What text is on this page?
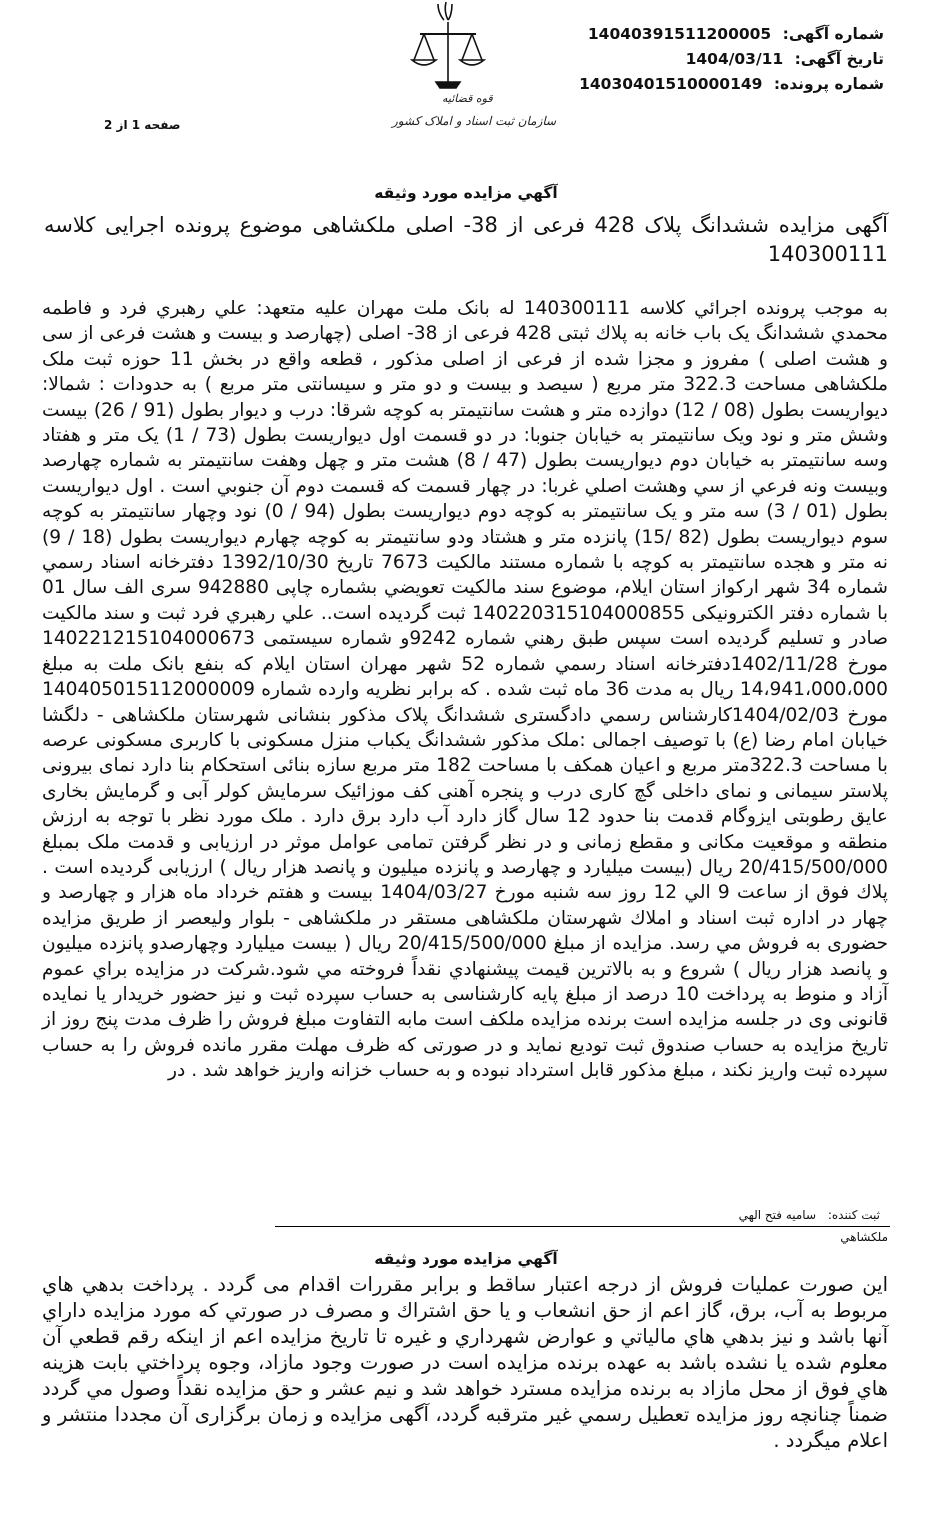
شماره آگهی: 14040391511200005
تاریخ آگهی: 1404/03/11
شماره پرونده: 14030401510000149
صفحه 1 از 2
قوه قضائیه
سازمان ثبت اسناد و املاک کشور
آگهي مزايده مورد وثيقه
آگهی مزایده ششدانگ پلاک 428 فرعی از 38- اصلی ملکشاهی موضوع پرونده اجرایی کلاسه 140300111
به موجب پرونده اجرائي كلاسه 140300111 له بانک ملت مهران علیه متعهد: علي رهبري فرد و فاطمه محمدي ششدانگ یک باب خانه به پلاك ثبتی 428 فرعی از 38- اصلی (چهارصد و بیست و هشت فرعی از سی و هشت اصلی ) مفروز و مجزا شده از فرعی از اصلی مذکور ، قطعه واقع در بخش 11 حوزه ثبت ملک ملکشاهی مساحت 322.3 متر مربع ( سیصد و بیست و دو متر و سیسانتی متر مربع ) به حدودات : شمالا: دیواریست بطول (08 / 12) دوازده متر و هشت سانتیمتر به کوچه شرقا: درب و دیوار بطول (91 / 26) بیست وشش متر و نود ویک سانتیمتر به خیابان جنوبا: در دو قسمت اول دیواریست بطول (73 / 1) یک متر و هفتاد وسه سانتیمتر به خیابان دوم دیواریست بطول (47 / 8) هشت متر و چهل وهفت سانتیمتر به شماره چهارصد وبیست ونه فرعي از سي وهشت اصلي غربا: در چهار قسمت که قسمت دوم آن جنوبي است . اول دیواریست بطول (01 / 3) سه متر و یک سانتیمتر به کوچه دوم دیواریست بطول (94 / 0) نود وچهار سانتیمتر به کوچه سوم دیواریست بطول (82 /15) پانزده متر و هشتاد ودو سانتیمتر به کوچه چهارم دیواریست بطول (18 / 9) نه متر و هجده سانتیمتر به کوچه با شماره مستند مالکیت 7673 تاریخ 1392/10/30 دفترخانه اسناد رسمي شماره 34 شهر ارکواز استان ایلام، موضوع سند مالکیت تعویضي بشماره چاپی 942880 سری الف سال 01 با شماره دفتر الکترونیکی 140220315104000855 ثبت گردیده است.. علي رهبري فرد ثبت و سند مالکیت صادر و تسلیم گردیده است سپس طبق رهني شماره 9242و شماره سیستمی 140221215104000673 مورخ 1402/11/28دفترخانه اسناد رسمي شماره 52 شهر مهران استان ایلام که بنفع بانک ملت به مبلغ 14،941،000،000 ريال به مدت 36 ماه ثبت شده . که برابر نظریه وارده شماره 140405015112000009 مورخ 1404/02/03کارشناس رسمي دادگستری ششدانگ پلاک مذکور بنشانی شهرستان ملکشاهی - دلگشا خیابان امام رضا (ع) با توصیف اجمالی :ملک مذکور ششدانگ یکباب منزل مسکونی با کاربری مسکونی عرصه با مساحت 322.3متر مربع و اعیان همکف با مساحت 182 متر مربع سازه بنائی استحکام بنا دارد نمای بیرونی پلاستر سیمانی و نمای داخلی گچ کاری درب و پنجره آهنی کف موزائیک سرمایش کولر آبی و گرمایش بخاری عایق رطوبتی ایزوگام قدمت بنا حدود 12 سال گاز دارد آب دارد برق دارد . ملک مورد نظر با توجه به ارزش منطقه و موقعیت مکانی و مقطع زمانی و در نظر گرفتن تمامی عوامل موثر در ارزیابی و قدمت ملک بمبلغ 20/415/500/000 ریال (بیست میلیارد و چهارصد و پانزده میلیون و پانصد هزار ریال ) ارزیابی گردیده است . پلاك فوق از ساعت 9 الي 12 روز سه شنبه مورخ 1404/03/27 بیست و هفتم خرداد ماه هزار و چهارصد و چهار در اداره ثبت اسناد و املاك شهرستان ملکشاهی مستقر در ملکشاهی - بلوار ولیعصر از طريق مزايده حضوری به فروش مي رسد. مزايده از مبلغ 20/415/500/000 ريال ( بیست میلیارد وچهارصدو پانزده میلیون و پانصد هزار ریال ) شروع و به بالاترين قيمت پيشنهادي نقداً فروخته مي شود.شركت در مزايده براي عموم آزاد و منوط به پرداخت 10 درصد از مبلغ پايه كارشناسی به حساب سپرده ثبت و نیز حضور خريدار يا نمايده قانونی وی در جلسه مزايده است برنده مزايده ملكف است مابه التفاوت مبلغ فروش را ظرف مدت پنج روز از تاريخ مزايده به حساب صندوق ثبت توديع نمايد و در صورتی كه ظرف مهلت مقرر مانده فروش را به حساب سپرده ثبت واريز نكند ، مبلغ مذكور قابل استرداد نبوده و به حساب خزانه واريز خواهد شد . در
ثبت کننده: سامیه فتح الهي
ملکشاهي
آگهي مزايده مورد وثيقه
اين صورت عمليات فروش از درجه اعتبار ساقط و برابر مقررات اقدام می گردد . پرداخت بدهي هاي مربوط به آب، برق، گاز اعم از حق انشعاب و يا حق اشتراك و مصرف در صورتي كه مورد مزايده داراي آنها باشد و نيز بدهي هاي مالياتي و عوارض شهرداري و غيره تا تاريخ مزايده اعم از اينكه رقم قطعي آن معلوم شده يا نشده باشد به عهده برنده مزايده است در صورت وجود مازاد، وجوه پرداختي بابت هزينه هاي فوق از محل مازاد به برنده مزايده مسترد خواهد شد و نيم عشر و حق مزايده نقداً وصول مي گردد ضمناً چنانچه روز مزايده تعطيل رسمي غير مترقبه گردد، آگهی مزایده و زمان برگزاری آن مجددا منتشر و اعلام میگردد .
